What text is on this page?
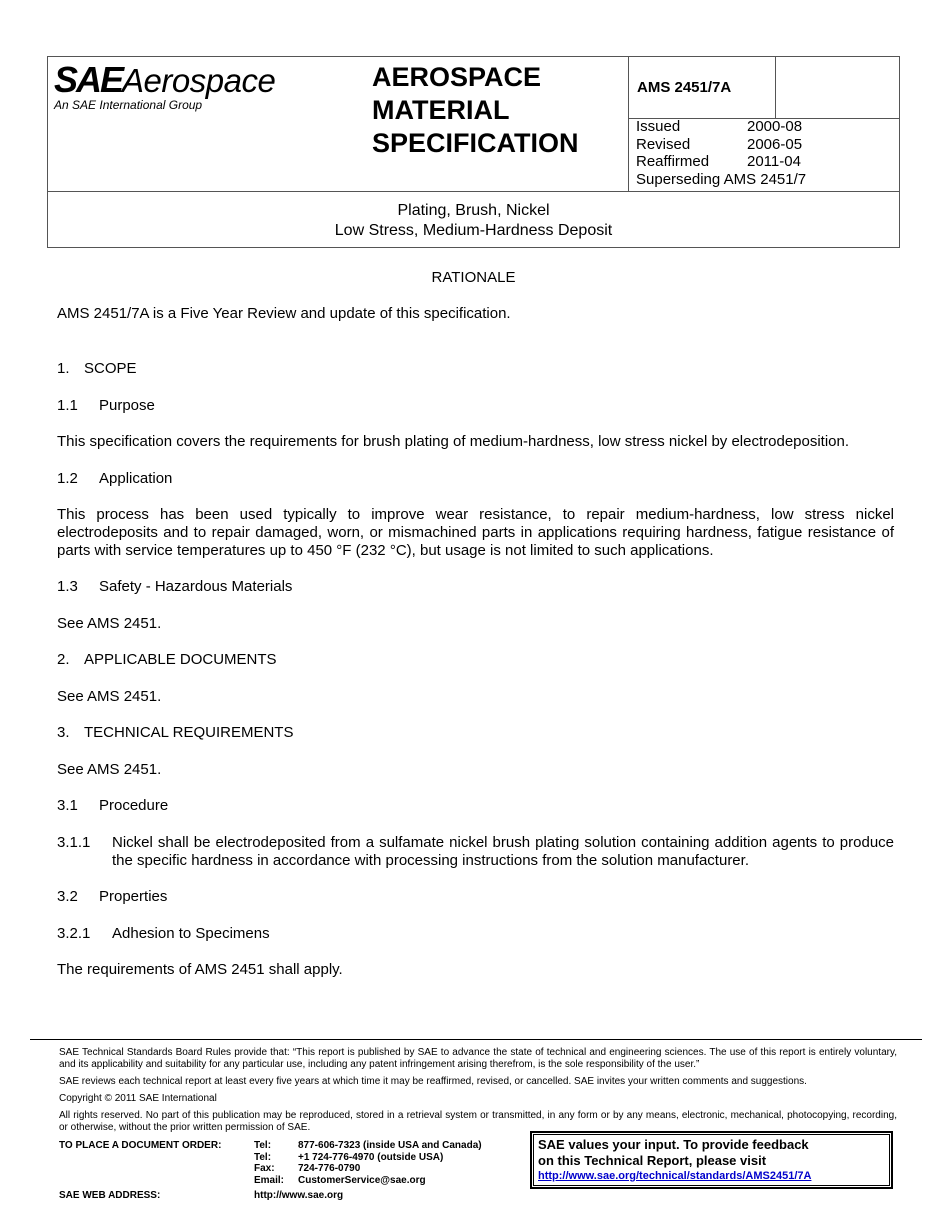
SAEAerospace
An SAE International Group
AEROSPACE
MATERIAL
SPECIFICATION
AMS 2451/7A
Issued	2000-08
Revised	2006-05
Reaffirmed	2011-04
Superseding AMS 2451/7
Plating, Brush, Nickel
Low Stress, Medium-Hardness Deposit
RATIONALE
AMS 2451/7A is a Five Year Review and update of this specification.
1. SCOPE
1.1 Purpose
This specification covers the requirements for brush plating of medium-hardness, low stress nickel by electrodeposition.
1.2 Application
This process has been used typically to improve wear resistance, to repair medium-hardness, low stress nickel electrodeposits and to repair damaged, worn, or mismachined parts in applications requiring hardness, fatigue resistance of parts with service temperatures up to 450 °F (232 °C), but usage is not limited to such applications.
1.3 Safety - Hazardous Materials
See AMS 2451.
2. APPLICABLE DOCUMENTS
See AMS 2451.
3. TECHNICAL REQUIREMENTS
See AMS 2451.
3.1 Procedure
3.1.1 Nickel shall be electrodeposited from a sulfamate nickel brush plating solution containing addition agents to produce the specific hardness in accordance with processing instructions from the solution manufacturer.
3.2 Properties
3.2.1 Adhesion to Specimens
The requirements of AMS 2451 shall apply.
SAE Technical Standards Board Rules provide that: “This report is published by SAE to advance the state of technical and engineering sciences. The use of this report is entirely voluntary, and its applicability and suitability for any particular use, including any patent infringement arising therefrom, is the sole responsibility of the user.”
SAE reviews each technical report at least every five years at which time it may be reaffirmed, revised, or cancelled. SAE invites your written comments and suggestions.
Copyright © 2011 SAE International
All rights reserved. No part of this publication may be reproduced, stored in a retrieval system or transmitted, in any form or by any means, electronic, mechanical, photocopying, recording, or otherwise, without the prior written permission of SAE.
TO PLACE A DOCUMENT ORDER:	Tel:	877-606-7323 (inside USA and Canada)
Tel:	+1 724-776-4970 (outside USA)
Fax: 724-776-0790
Email: CustomerService@sae.org
SAE WEB ADDRESS:	http://www.sae.org
SAE values your input. To provide feedback
on this Technical Report, please visit
http://www.sae.org/technical/standards/AMS2451/7A
